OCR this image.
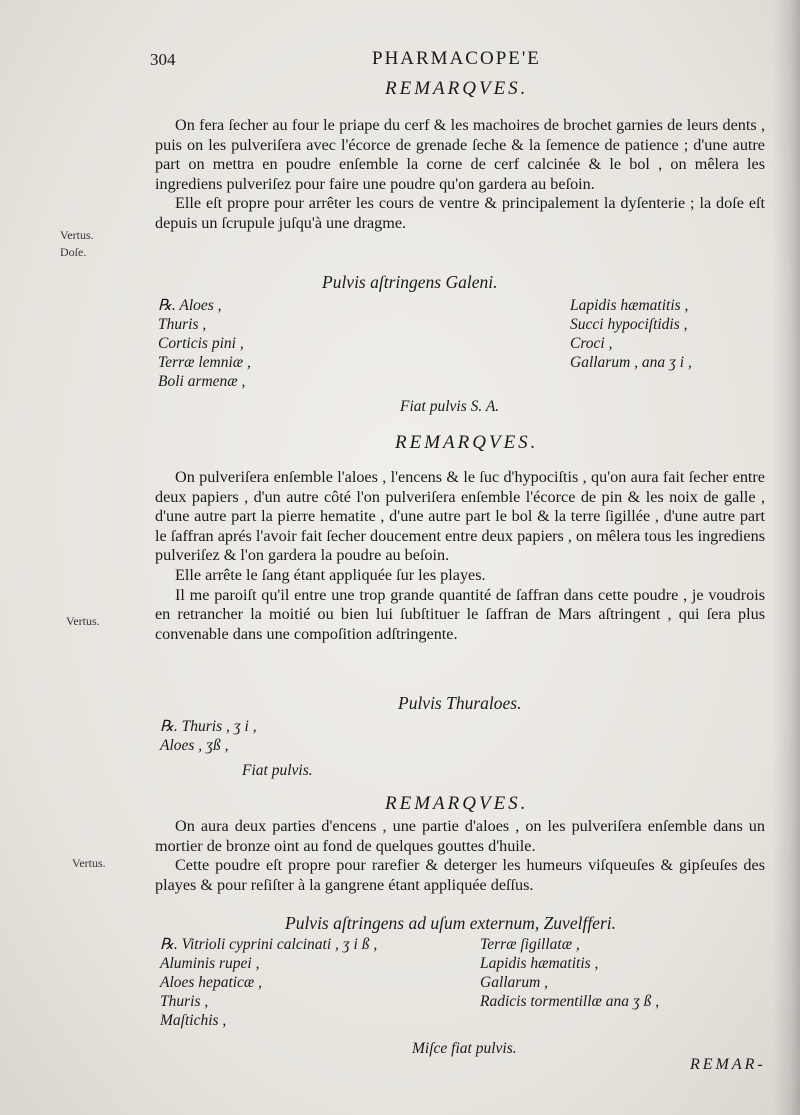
304	PHARMACOPE'E
REMARQVES.

On fera ſecher au four le priape du cerf & les machoires de brochet garnies de leurs dents , puis on les pulveriſera avec l'écorce de grenade ſeche & la ſemence de patience ; d'une autre part on mettra en poudre enſemble la corne de cerf calcinée & le bol , on mêlera les ingrediens pulveriſez pour faire une poudre qu'on gardera au beſoin.

Elle eſt propre pour arrêter les cours de ventre & principalement la dyſenterie ; la doſe eſt depuis un ſcrupule juſqu'à une dragme.

Vertus.
Doſe.
Pulvis aſtringens Galeni.
℞. Aloes ,
Thuris ,
Corticis pini ,
Terræ lemniæ ,
Boli armenæ ,
Lapidis hæmatitis ,
Succi hypociſtidis ,
Croci ,
Gallarum , ana ʒ i ,
Fiat pulvis S. A.
REMARQVES.

On pulveriſera enſemble l'aloes , l'encens & le ſuc d'hypociſtis , qu'on aura fait ſecher entre deux papiers , d'un autre côté l'on pulveriſera enſemble l'écorce de pin & les noix de galle , d'une autre part la pierre hematite , d'une autre part le bol & la terre ſigillée , d'une autre part le ſaffran aprés l'avoir fait ſecher doucement entre deux papiers , on mêlera tous les ingrediens pulveriſez & l'on gardera la poudre au beſoin.

Elle arrête le ſang étant appliquée ſur les playes.

Il me paroiſt qu'il entre une trop grande quantité de ſaffran dans cette poudre , je voudrois en retrancher la moitié ou bien lui ſubſtituer le ſaffran de Mars aſtringent , qui ſera plus convenable dans une compoſition adſtringente.

Vertus.
Pulvis Thuraloes.
℞. Thuris , ʒ i ,
Aloes , ʒß ,
Fiat pulvis.
REMARQVES.

On aura deux parties d'encens , une partie d'aloes , on les pulveriſera enſemble dans un mortier de bronze oint au fond de quelques gouttes d'huile.

Cette poudre eſt propre pour rarefier & deterger les humeurs viſqueuſes & gipſeuſes des playes & pour reſiſter à la gangrene étant appliquée deſſus.

Vertus.
Pulvis aſtringens ad uſum externum, Zuvelfferi.
℞. Vitrioli cyprini calcinati , ʒ i ß ,
Aluminis rupei ,
Aloes hepaticæ ,
Thuris ,
Maſtichis ,
Terræ ſigillatæ ,
Lapidis hæmatitis ,
Gallarum ,
Radicis tormentillæ ana ʒ ß ,
Miſce fiat pulvis.
REMAR-
